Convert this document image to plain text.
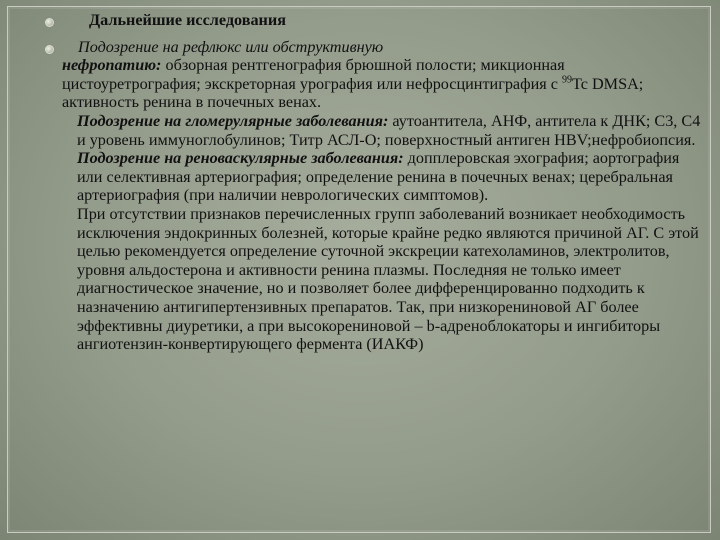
Дальнейшие исследования

Подозрение на рефлюкс или обструктивную

нефропатию: обзорная рентгенография брюшной полости; микционная цистоуретрография; экскреторная урография или нефросцинтиграфия с $^{99}$Tc DMSA; активность ренина в почечных венах.

Подозрение на гломерулярные заболевания: аутоантитела, АНФ, антитела к ДНК; C3, C4 и уровень иммуноглобулинов; Титр АСЛ-О; поверхностный антиген HBV;нефробиопсия.

Подозрение на реноваскулярные заболевания: допплеровская эхография; аортография или селективная артериография; определение ренина в почечных венах; церебральная артериография (при наличии неврологических симптомов).

При отсутствии признаков перечисленных групп заболеваний возникает необходимость исключения эндокринных болезней, которые крайне редко являются причиной АГ. С этой целью рекомендуется определение суточной экскреции катехоламинов, электролитов, уровня альдостерона и активности ренина плазмы. Последняя не только имеет диагностическое значение, но и позволяет более дифференцированно подходить к назначению антигипертензивных препаратов. Так, при низкорениновой АГ более эффективны диуретики, а при высокорениновой – b-адреноблокаторы и ингибиторы ангиотензин-конвертирующего фермента (ИАКФ)
